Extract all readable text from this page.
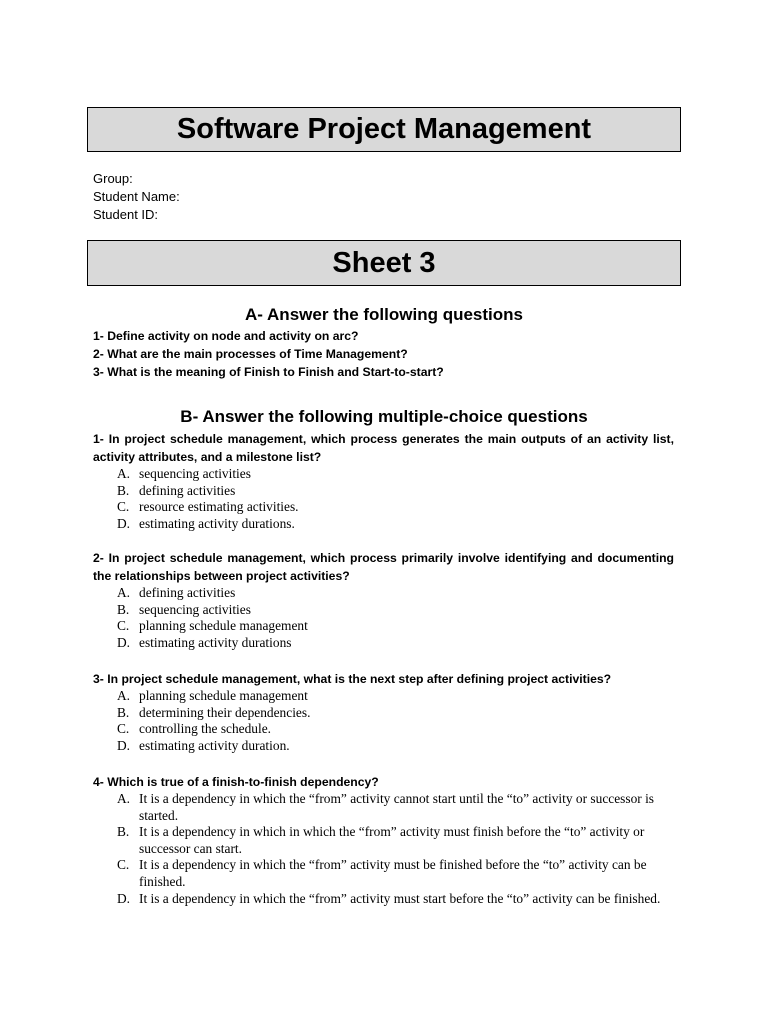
Software Project Management
Group:
Student Name:
Student ID:
Sheet 3
A- Answer the following questions
1- Define activity on node and activity on arc?
2- What are the main processes of Time Management?
3- What is the meaning of Finish to Finish and Start-to-start?
B- Answer the following multiple-choice questions
1- In project schedule management, which process generates the main outputs of an activity list, activity attributes, and a milestone list?
A. sequencing activities
B. defining activities
C. resource estimating activities.
D. estimating activity durations.
2- In project schedule management, which process primarily involve identifying and documenting the relationships between project activities?
A. defining activities
B. sequencing activities
C. planning schedule management
D. estimating activity durations
3- In project schedule management, what is the next step after defining project activities?
A. planning schedule management
B. determining their dependencies.
C. controlling the schedule.
D. estimating activity duration.
4- Which is true of a finish-to-finish dependency?
A. It is a dependency in which the “from” activity cannot start until the “to” activity or successor is started.
B. It is a dependency in which in which the “from” activity must finish before the “to” activity or successor can start.
C. It is a dependency in which the “from” activity must be finished before the “to” activity can be finished.
D. It is a dependency in which the “from” activity must start before the “to” activity can be finished.
